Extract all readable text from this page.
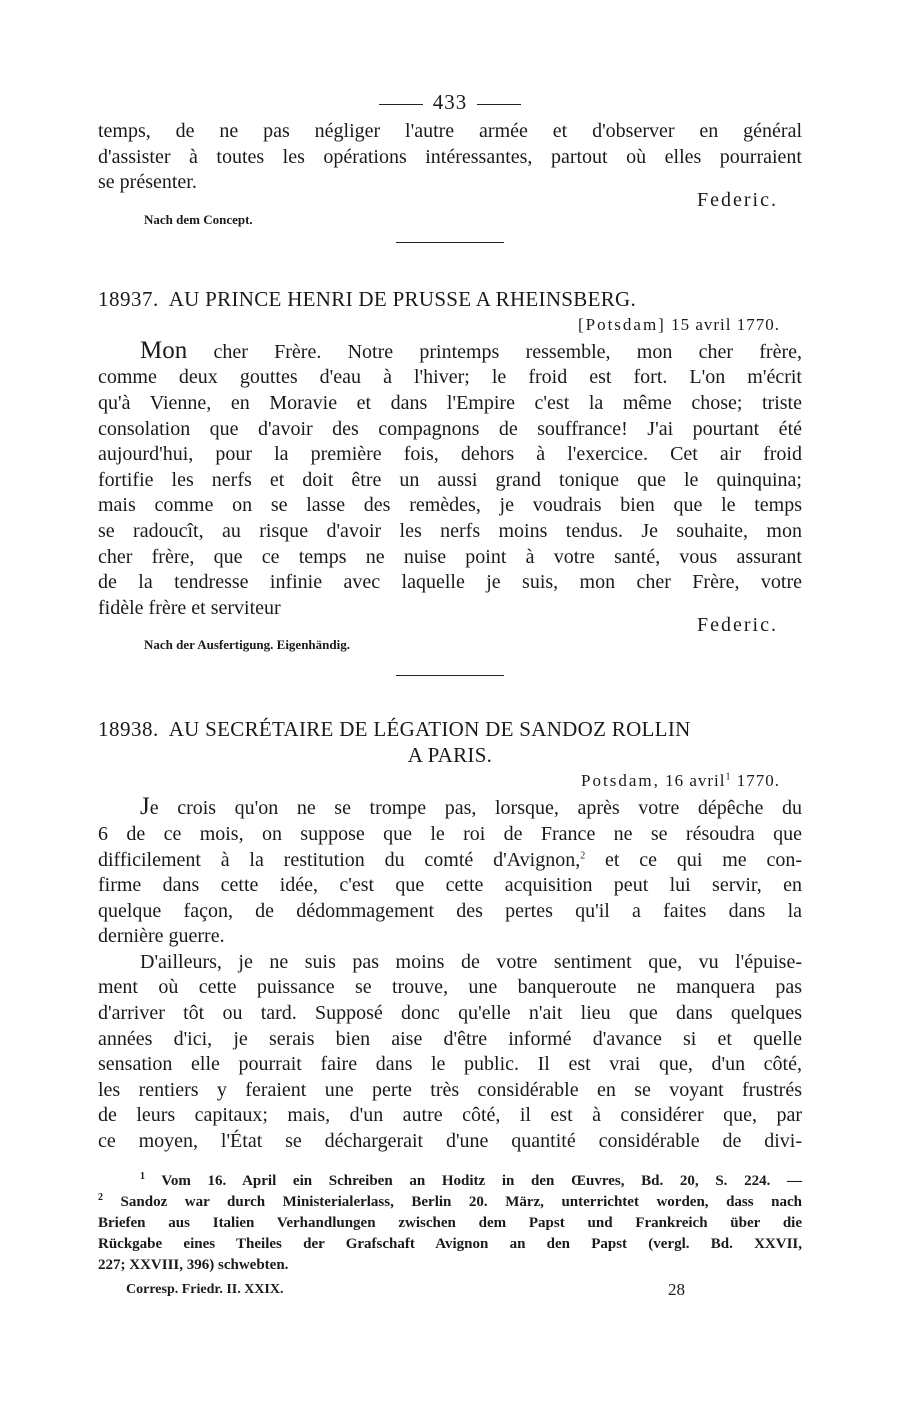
433
temps, de ne pas négliger l'autre armée et d'observer en général
d'assister à toutes les opérations intéressantes, partout où elles pourraient
se présenter.
Federic.
Nach dem Concept.
18937. AU PRINCE HENRI DE PRUSSE A RHEINSBERG.
[Potsdam] 15 avril 1770.
Mon cher Frère. Notre printemps ressemble, mon cher frère,
comme deux gouttes d'eau à l'hiver; le froid est fort. L'on m'écrit
qu'à Vienne, en Moravie et dans l'Empire c'est la même chose; triste
consolation que d'avoir des compagnons de souffrance! J'ai pourtant été
aujourd'hui, pour la première fois, dehors à l'exercice. Cet air froid
fortifie les nerfs et doit être un aussi grand tonique que le quinquina;
mais comme on se lasse des remèdes, je voudrais bien que le temps
se radoucît, au risque d'avoir les nerfs moins tendus. Je souhaite, mon
cher frère, que ce temps ne nuise point à votre santé, vous assurant
de la tendresse infinie avec laquelle je suis, mon cher Frère, votre
fidèle frère et serviteur
Federic.
Nach der Ausfertigung. Eigenhändig.
18938. AU SECRÉTAIRE DE LÉGATION DE SANDOZ ROLLIN
A PARIS.
Potsdam, 16 avril$^1$ 1770.
Je crois qu'on ne se trompe pas, lorsque, après votre dépêche du
6 de ce mois, on suppose que le roi de France ne se résoudra que
difficilement à la restitution du comté d'Avignon,$^2$ et ce qui me con-
firme dans cette idée, c'est que cette acquisition peut lui servir, en
quelque façon, de dédommagement des pertes qu'il a faites dans la
dernière guerre.
D'ailleurs, je ne suis pas moins de votre sentiment que, vu l'épuise-
ment où cette puissance se trouve, une banqueroute ne manquera pas
d'arriver tôt ou tard. Supposé donc qu'elle n'ait lieu que dans quelques
années d'ici, je serais bien aise d'être informé d'avance si et quelle
sensation elle pourrait faire dans le public. Il est vrai que, d'un côté,
les rentiers y feraient une perte très considérable en se voyant frustrés
de leurs capitaux; mais, d'un autre côté, il est à considérer que, par
ce moyen, l'État se déchargerait d'une quantité considérable de divi-
$^1$ Vom 16. April ein Schreiben an Hoditz in den Œuvres, Bd. 20, S. 224. —
$^2$ Sandoz war durch Ministerialerlass, Berlin 20. März, unterrichtet worden, dass nach
Briefen aus Italien Verhandlungen zwischen dem Papst und Frankreich über die
Rückgabe eines Theiles der Grafschaft Avignon an den Papst (vergl. Bd. XXVII,
227; XXVIII, 396) schwebten.
Corresp. Friedr. II. XXIX.	28
